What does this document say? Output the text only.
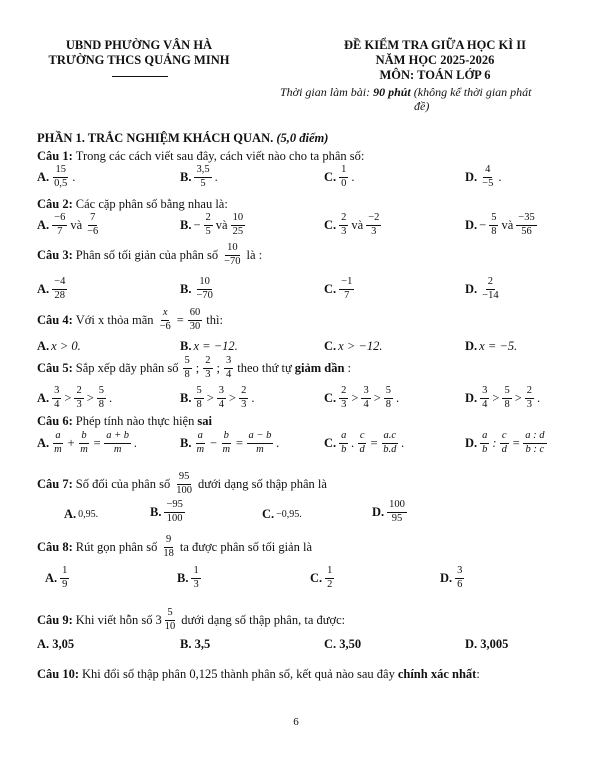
UBND PHƯỜNG VÂN HÀ
TRƯỜNG THCS QUẢNG MINH
ĐỀ KIỂM TRA GIỮA HỌC KÌ II
NĂM HỌC 2025-2026
MÔN: TOÁN LỚP 6
Thời gian làm bài: 90 phút (không kể thời gian phát
đề)
PHẦN 1. TRẮC NGHIỆM KHÁCH QUAN. (5,0 điểm)
Câu 1: Trong các cách viết sau đây, cách viết nào cho ta phân số:
A. $\frac{15}{0,5}$ .	B. $\frac{3,5}{5}$ .	C. $\frac{1}{0}$ .	D. $\frac{4}{-5}$ .
Câu 2: Các cặp phân số bằng nhau là:
A. $\frac{-6}{7}$ và $\frac{7}{-6}$	B. − $\frac{2}{5}$ và $\frac{10}{25}$	C. $\frac{2}{3}$ và $\frac{-2}{3}$	D. − $\frac{5}{8}$ và $\frac{-35}{56}$
Câu 3: Phân số tối giản của phân số $\frac{10}{-70}$ là :
A. $\frac{-4}{28}$	B. $\frac{10}{-70}$	C. $\frac{-1}{7}$	D. $\frac{2}{-14}$
Câu 4: Với x thỏa mãn $\frac{x}{-6} = \frac{60}{30}$ thì:
A. x > 0.	B. x = −12.	C. x > −12.	D. x = −5.
Câu 5: Sắp xếp dãy phân số $\frac{5}{8}$ ; $\frac{2}{3}$ ; $\frac{3}{4}$ theo thứ tự giảm dần :
A. $\frac{3}{4} > \frac{2}{3} > \frac{5}{8}$ .	B. $\frac{5}{8} > \frac{3}{4} > \frac{2}{3}$ .	C. $\frac{2}{3} > \frac{3}{4} > \frac{5}{8}$ .	D. $\frac{3}{4} > \frac{5}{8} > \frac{2}{3}$ .
Câu 6: Phép tính nào thực hiện sai
A. $\frac{a}{m} + \frac{b}{m} = \frac{a + b}{m}$ .	B. $\frac{a}{m} - \frac{b}{m} = \frac{a - b}{m}$ .	C. $\frac{a}{b}$ . $\frac{c}{d} = \frac{a.c}{b.d}$ .	D. $\frac{a}{b}$ : $\frac{c}{d} = \frac{a : d}{b : c}$
Câu 7: Số đối của phân số $\frac{95}{100}$ dưới dạng số thập phân là
A. 0,95.	B. $\frac{-95}{100}$	C. −0,95.	D. $\frac{100}{95}$
Câu 8: Rút gọn phân số $\frac{9}{18}$ ta được phân số tối giản là
A. $\frac{1}{9}$	B. $\frac{1}{3}$	C. $\frac{1}{2}$	D. $\frac{3}{6}$
Câu 9: Khi viết hỗn số $3 \frac{5}{10}$ dưới dạng số thập phân, ta được:
A. 3,05	B. 3,5	C. 3,50	D. 3,005
Câu 10: Khi đổi số thập phân 0,125 thành phân số, kết quả nào sau đây chính xác nhất :
6
